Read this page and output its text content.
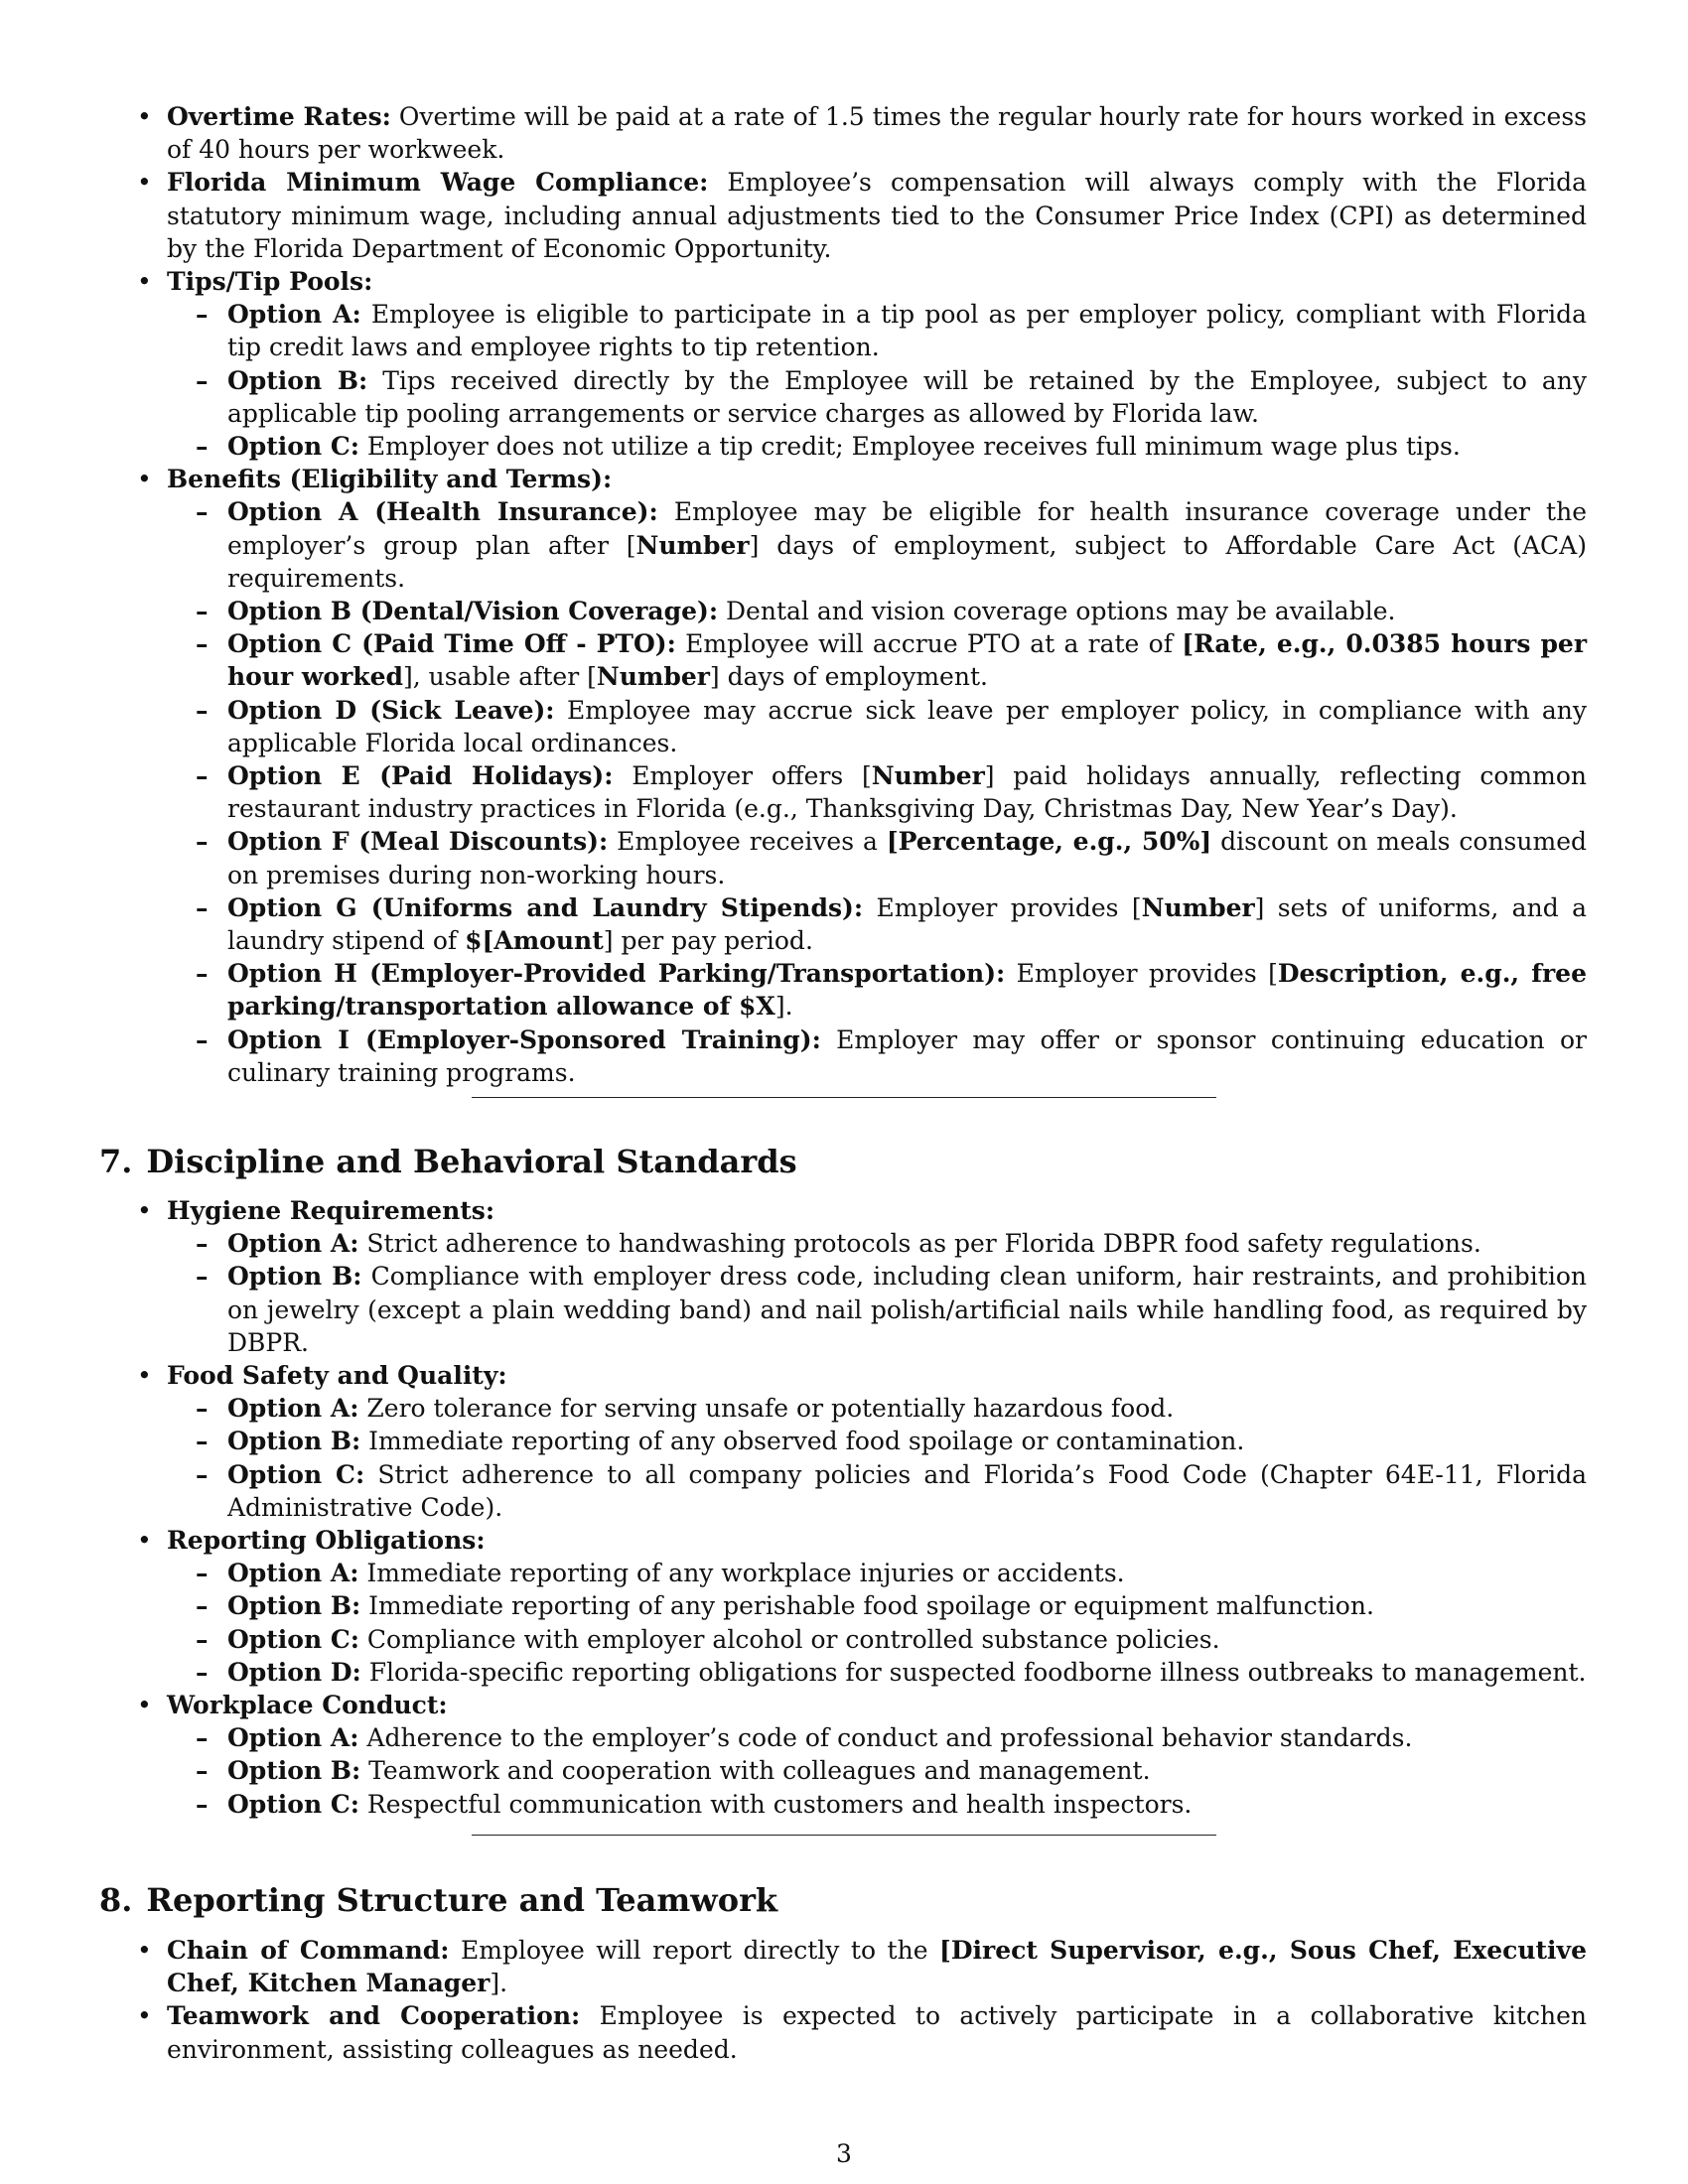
• Overtime Rates: Overtime will be paid at a rate of 1.5 times the regular hourly rate for hours worked in excess of 40 hours per workweek.
• Florida Minimum Wage Compliance: Employee’s compensation will always comply with the Florida statutory minimum wage, including annual adjustments tied to the Consumer Price Index (CPI) as determined by the Florida Department of Economic Opportunity.
• Tips/Tip Pools:
– Option A: Employee is eligible to participate in a tip pool as per employer policy, compliant with Florida tip credit laws and employee rights to tip retention.
– Option B: Tips received directly by the Employee will be retained by the Employee, subject to any applicable tip pooling arrangements or service charges as allowed by Florida law.
– Option C: Employer does not utilize a tip credit; Employee receives full minimum wage plus tips.
• Benefits (Eligibility and Terms):
– Option A (Health Insurance): Employee may be eligible for health insurance coverage under the employer’s group plan after [Number] days of employment, subject to Affordable Care Act (ACA) requirements.
– Option B (Dental/Vision Coverage): Dental and vision coverage options may be available.
– Option C (Paid Time Off - PTO): Employee will accrue PTO at a rate of [Rate, e.g., 0.0385 hours per hour worked], usable after [Number] days of employment.
– Option D (Sick Leave): Employee may accrue sick leave per employer policy, in compliance with any applicable Florida local ordinances.
– Option E (Paid Holidays): Employer offers [Number] paid holidays annually, reflecting common restaurant industry practices in Florida (e.g., Thanksgiving Day, Christmas Day, New Year’s Day).
– Option F (Meal Discounts): Employee receives a [Percentage, e.g., 50%] discount on meals consumed on premises during non-working hours.
– Option G (Uniforms and Laundry Stipends): Employer provides [Number] sets of uniforms, and a laundry stipend of $[Amount] per pay period.
– Option H (Employer-Provided Parking/Transportation): Employer provides [Description, e.g., free parking/transportation allowance of $X].
– Option I (Employer-Sponsored Training): Employer may offer or sponsor continuing education or culinary training programs.
7. Discipline and Behavioral Standards
• Hygiene Requirements:
– Option A: Strict adherence to handwashing protocols as per Florida DBPR food safety regulations.
– Option B: Compliance with employer dress code, including clean uniform, hair restraints, and prohibition on jewelry (except a plain wedding band) and nail polish/artificial nails while handling food, as required by DBPR.
• Food Safety and Quality:
– Option A: Zero tolerance for serving unsafe or potentially hazardous food.
– Option B: Immediate reporting of any observed food spoilage or contamination.
– Option C: Strict adherence to all company policies and Florida’s Food Code (Chapter 64E-11, Florida Administrative Code).
• Reporting Obligations:
– Option A: Immediate reporting of any workplace injuries or accidents.
– Option B: Immediate reporting of any perishable food spoilage or equipment malfunction.
– Option C: Compliance with employer alcohol or controlled substance policies.
– Option D: Florida-specific reporting obligations for suspected foodborne illness outbreaks to management.
• Workplace Conduct:
– Option A: Adherence to the employer’s code of conduct and professional behavior standards.
– Option B: Teamwork and cooperation with colleagues and management.
– Option C: Respectful communication with customers and health inspectors.
8. Reporting Structure and Teamwork
• Chain of Command: Employee will report directly to the [Direct Supervisor, e.g., Sous Chef, Executive Chef, Kitchen Manager].
• Teamwork and Cooperation: Employee is expected to actively participate in a collaborative kitchen environment, assisting colleagues as needed.
3
